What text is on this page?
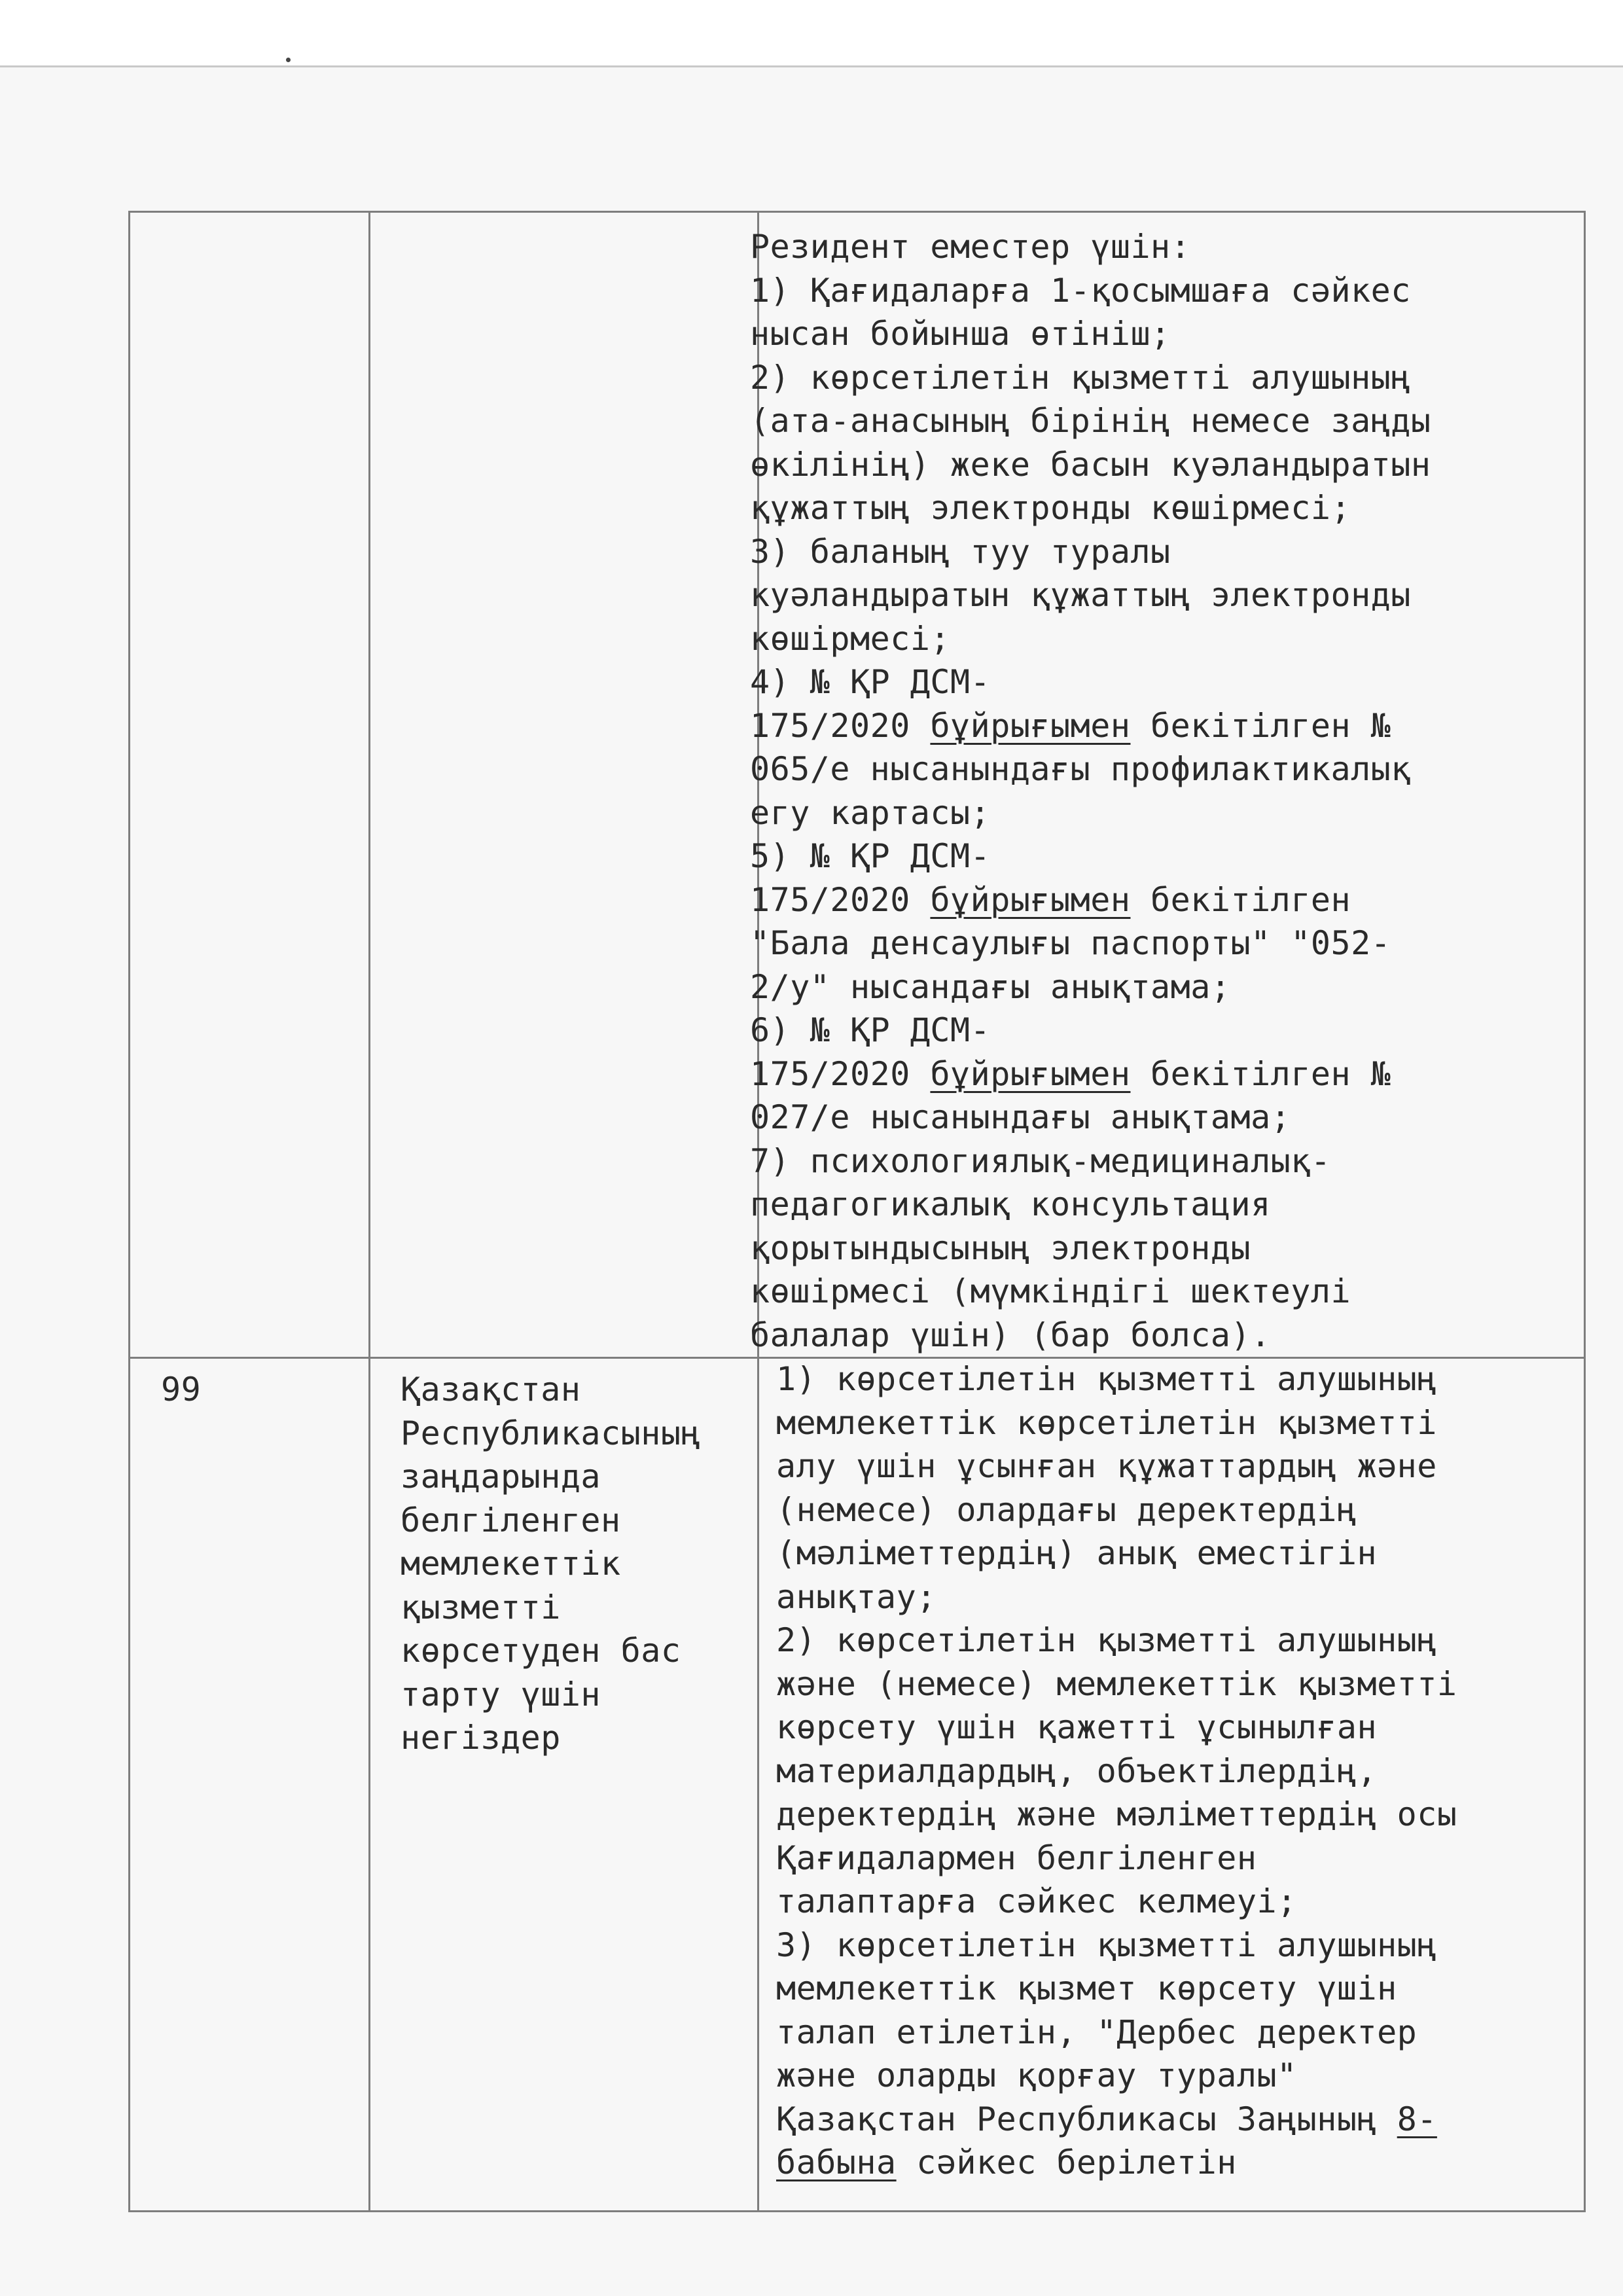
Резидент еместер үшін:
1) Қағидаларға 1-қосымшаға сәйкес
нысан бойынша өтініш;
2) көрсетілетін қызметті алушының
(ата-анасының бірінің немесе заңды
өкілінің) жеке басын куәландыратын
құжаттың электронды көшірмесі;
3) баланың туу туралы
куәландыратын құжаттың электронды
көшірмесі;
4) № ҚР ДСМ-
175/2020 бұйрығымен бекітілген №
065/е нысанындағы профилактикалық
егу картасы;
5) № ҚР ДСМ-
175/2020 бұйрығымен бекітілген
"Бала денсаулығы паспорты" "052-
2/у" нысандағы анықтама;
6) № ҚР ДСМ-
175/2020 бұйрығымен бекітілген №
027/е нысанындағы анықтама;
7) психологиялық-медициналық-
педагогикалық консультация
қорытындысының электронды
көшірмесі (мүмкіндігі шектеулі
балалар үшін) (бар болса).
99	Қазақстан
Республикасының
заңдарында
белгіленген
мемлекеттік
қызметті
көрсетуден бас
тарту үшін
негіздер
1) көрсетілетін қызметті алушының
мемлекеттік көрсетілетін қызметті
алу үшін ұсынған құжаттардың және
(немесе) олардағы деректердің
(мәліметтердің) анық еместігін
анықтау;
2) көрсетілетін қызметті алушының
және (немесе) мемлекеттік қызметті
көрсету үшін қажетті ұсынылған
материалдардың, объектілердің,
деректердің және мәліметтердің осы
Қағидалармен белгіленген
талаптарға сәйкес келмеуі;
3) көрсетілетін қызметті алушының
мемлекеттік қызмет көрсету үшін
талап етілетін, "Дербес деректер
және оларды қорғау туралы"
Қазақстан Республикасы Заңының 8-
бабына сәйкес берілетін
